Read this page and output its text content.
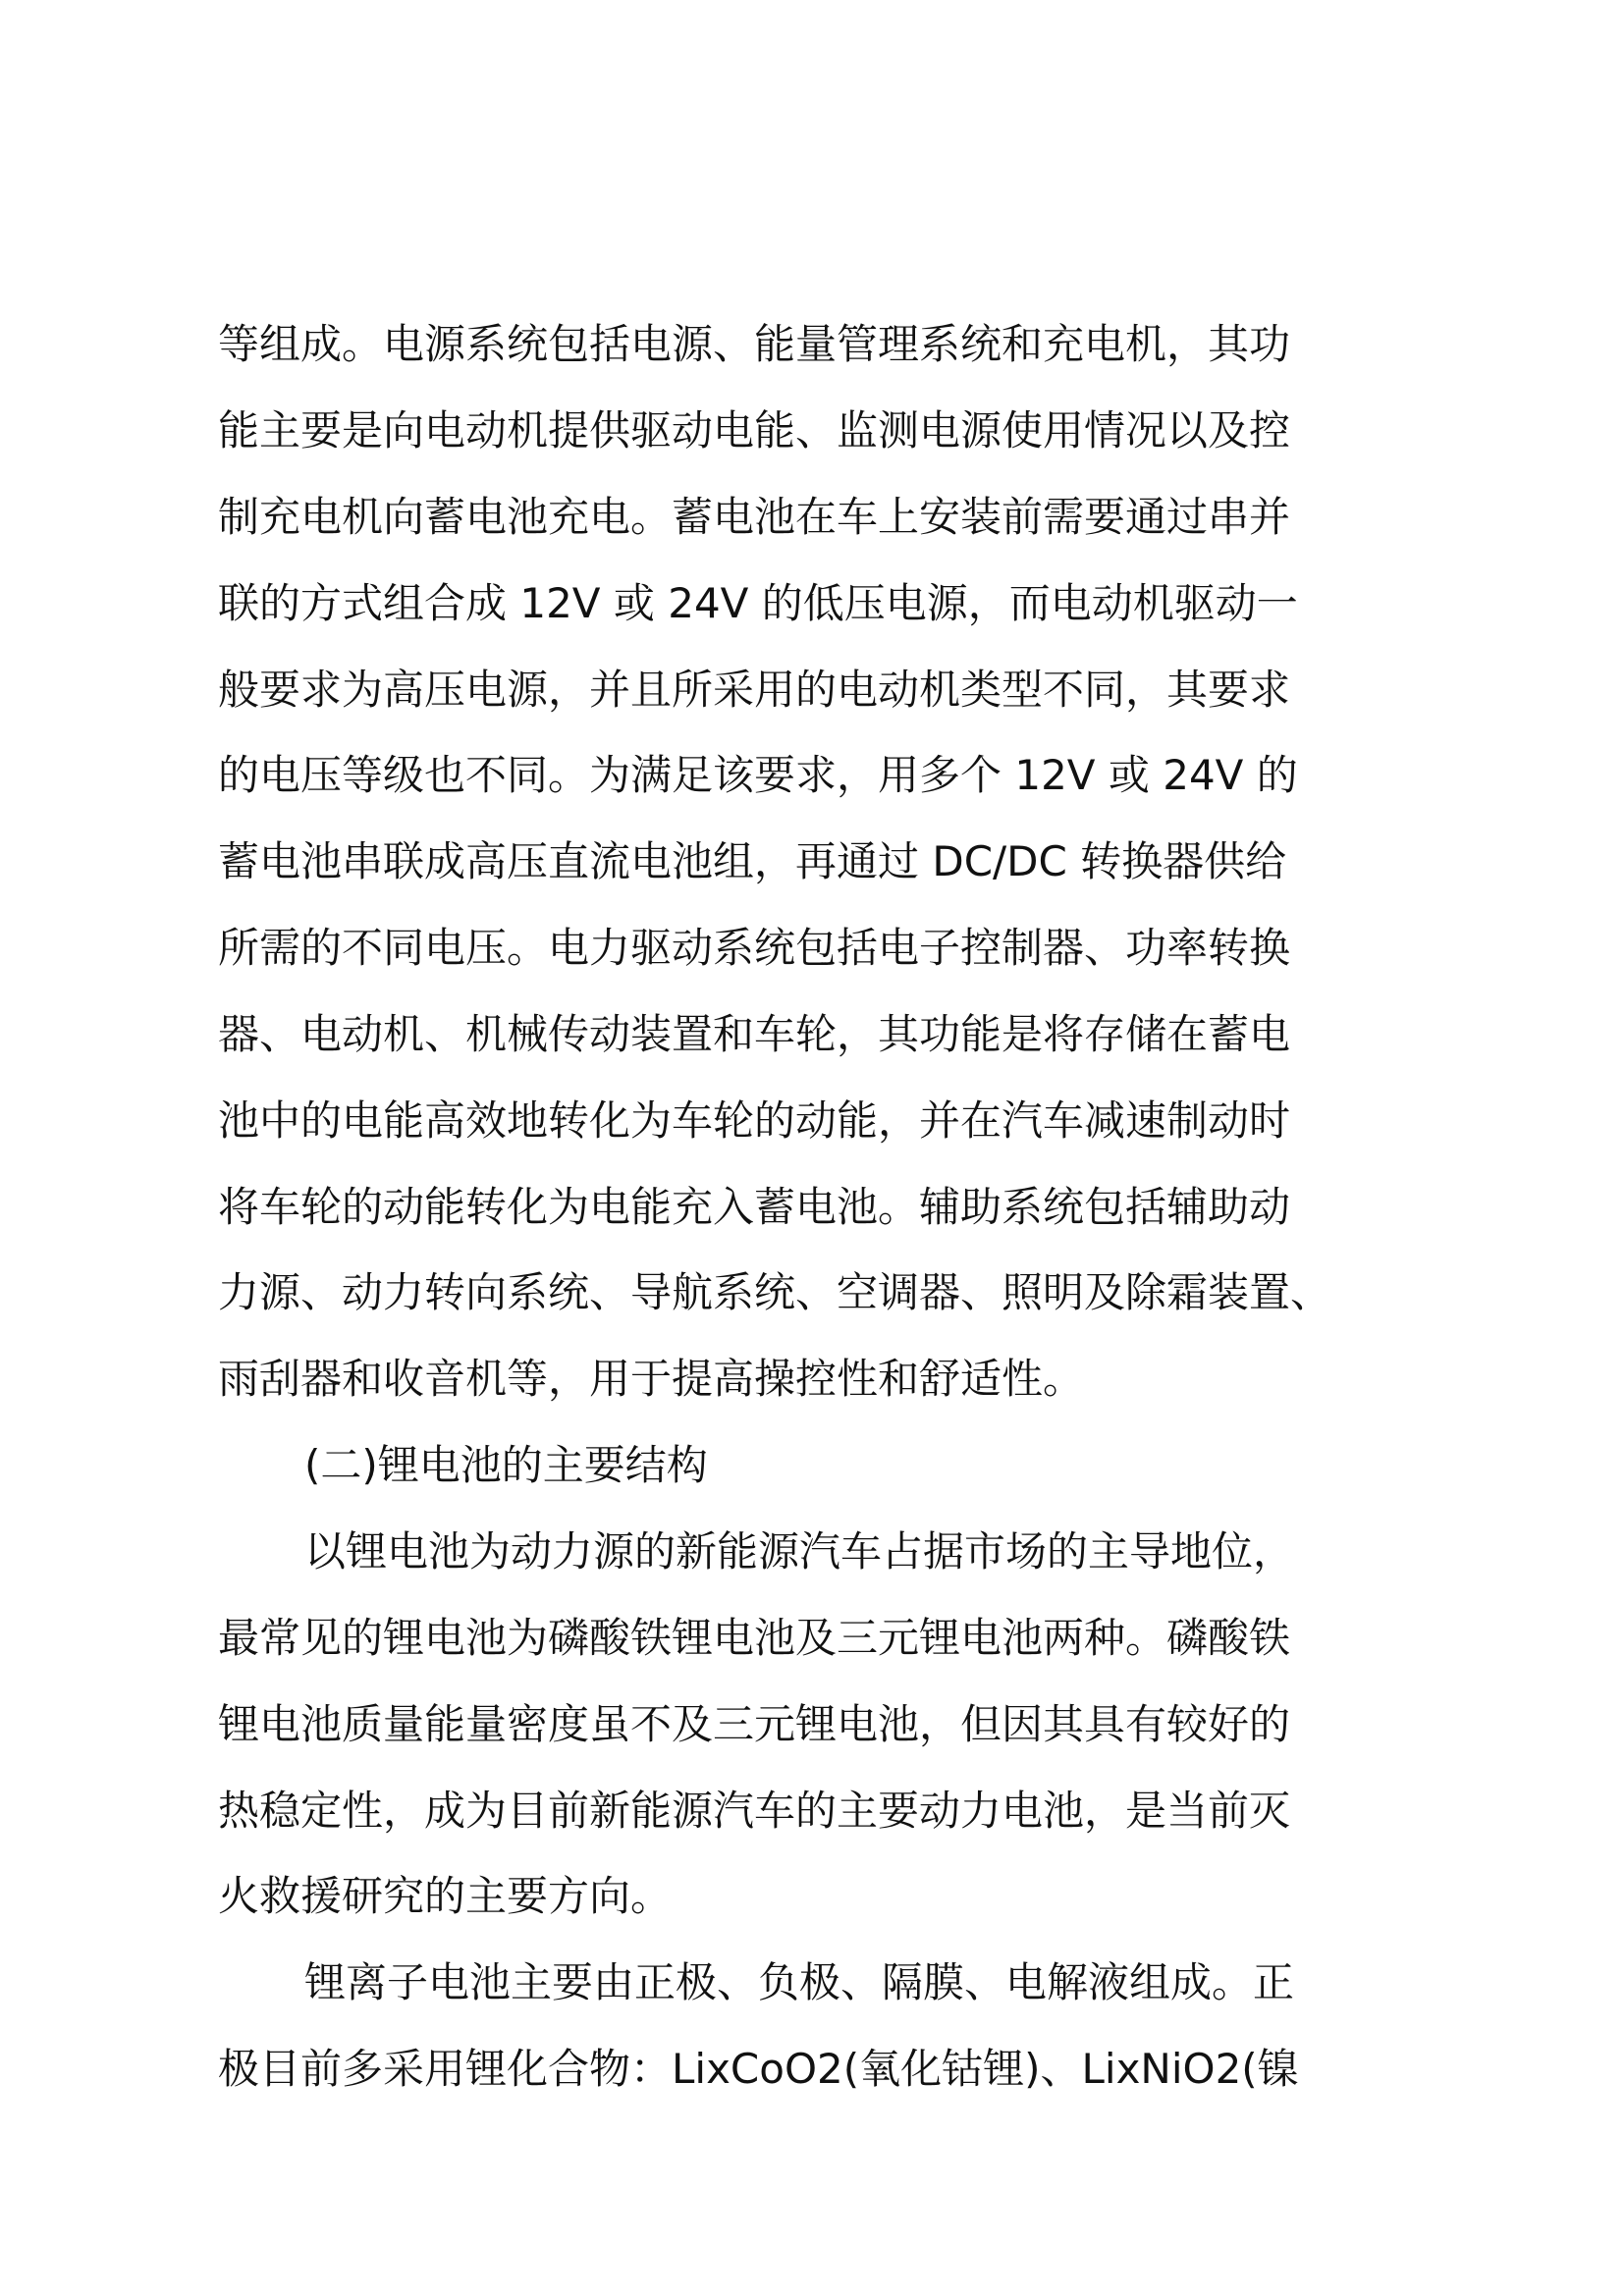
等组成。电源系统包括电源、能量管理系统和充电机，其功
能主要是向电动机提供驱动电能、监测电源使用情况以及控
制充电机向蓄电池充电。蓄电池在车上安装前需要通过串并
联的方式组合成 12V 或 24V 的低压电源，而电动机驱动一
般要求为高压电源，并且所采用的电动机类型不同，其要求
的电压等级也不同。为满足该要求，用多个 12V 或 24V 的
蓄电池串联成高压直流电池组，再通过 DC/DC 转换器供给
所需的不同电压。电力驱动系统包括电子控制器、功率转换
器、电动机、机械传动装置和车轮，其功能是将存储在蓄电
池中的电能高效地转化为车轮的动能，并在汽车减速制动时
将车轮的动能转化为电能充入蓄电池。辅助系统包括辅助动
力源、动力转向系统、导航系统、空调器、照明及除霜装置、
雨刮器和收音机等，用于提高操控性和舒适性。
(二)锂电池的主要结构
以锂电池为动力源的新能源汽车占据市场的主导地位，
最常见的锂电池为磷酸铁锂电池及三元锂电池两种。磷酸铁
锂电池质量能量密度虽不及三元锂电池，但因其具有较好的
热稳定性，成为目前新能源汽车的主要动力电池，是当前灭
火救援研究的主要方向。
锂离子电池主要由正极、负极、隔膜、电解液组成。正
极目前多采用锂化合物：LixCoO2(氧化钴锂)、LixNiO2(镍
